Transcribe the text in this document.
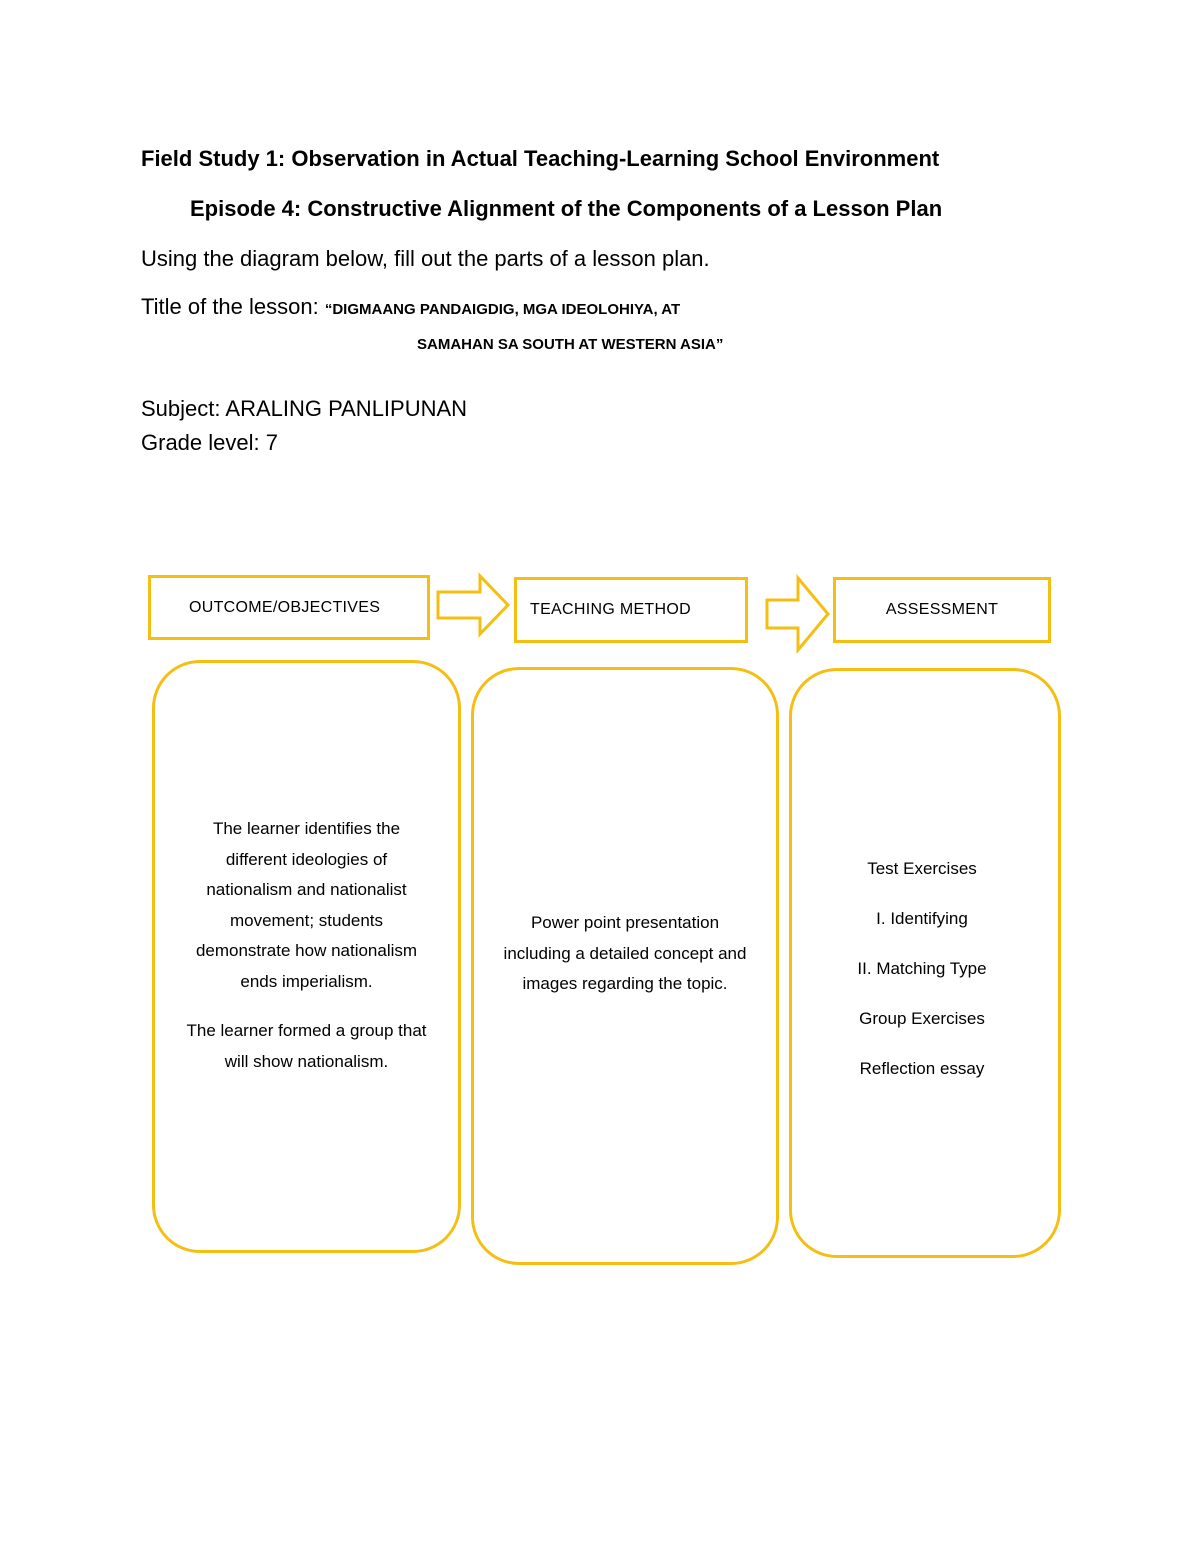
Field Study 1: Observation in Actual Teaching-Learning School Environment
Episode 4: Constructive Alignment of the Components of a Lesson Plan
Using the diagram below, fill out the parts of a lesson plan.
Title of the lesson: “DIGMAANG PANDAIGDIG, MGA IDEOLOHIYA, AT
SAMAHAN SA SOUTH AT WESTERN ASIA”
Subject: ARALING PANLIPUNAN
Grade level: 7
OUTCOME/OBJECTIVES	TEACHING METHOD	ASSESSMENT

The learner identifies the different ideologies of nationalism and nationalist movement; students demonstrate how nationalism ends imperialism.

The learner formed a group that will show nationalism.

Power point presentation including a detailed concept and images regarding the topic.

Test Exercises

I. Identifying

II. Matching Type

Group Exercises

Reflection essay
